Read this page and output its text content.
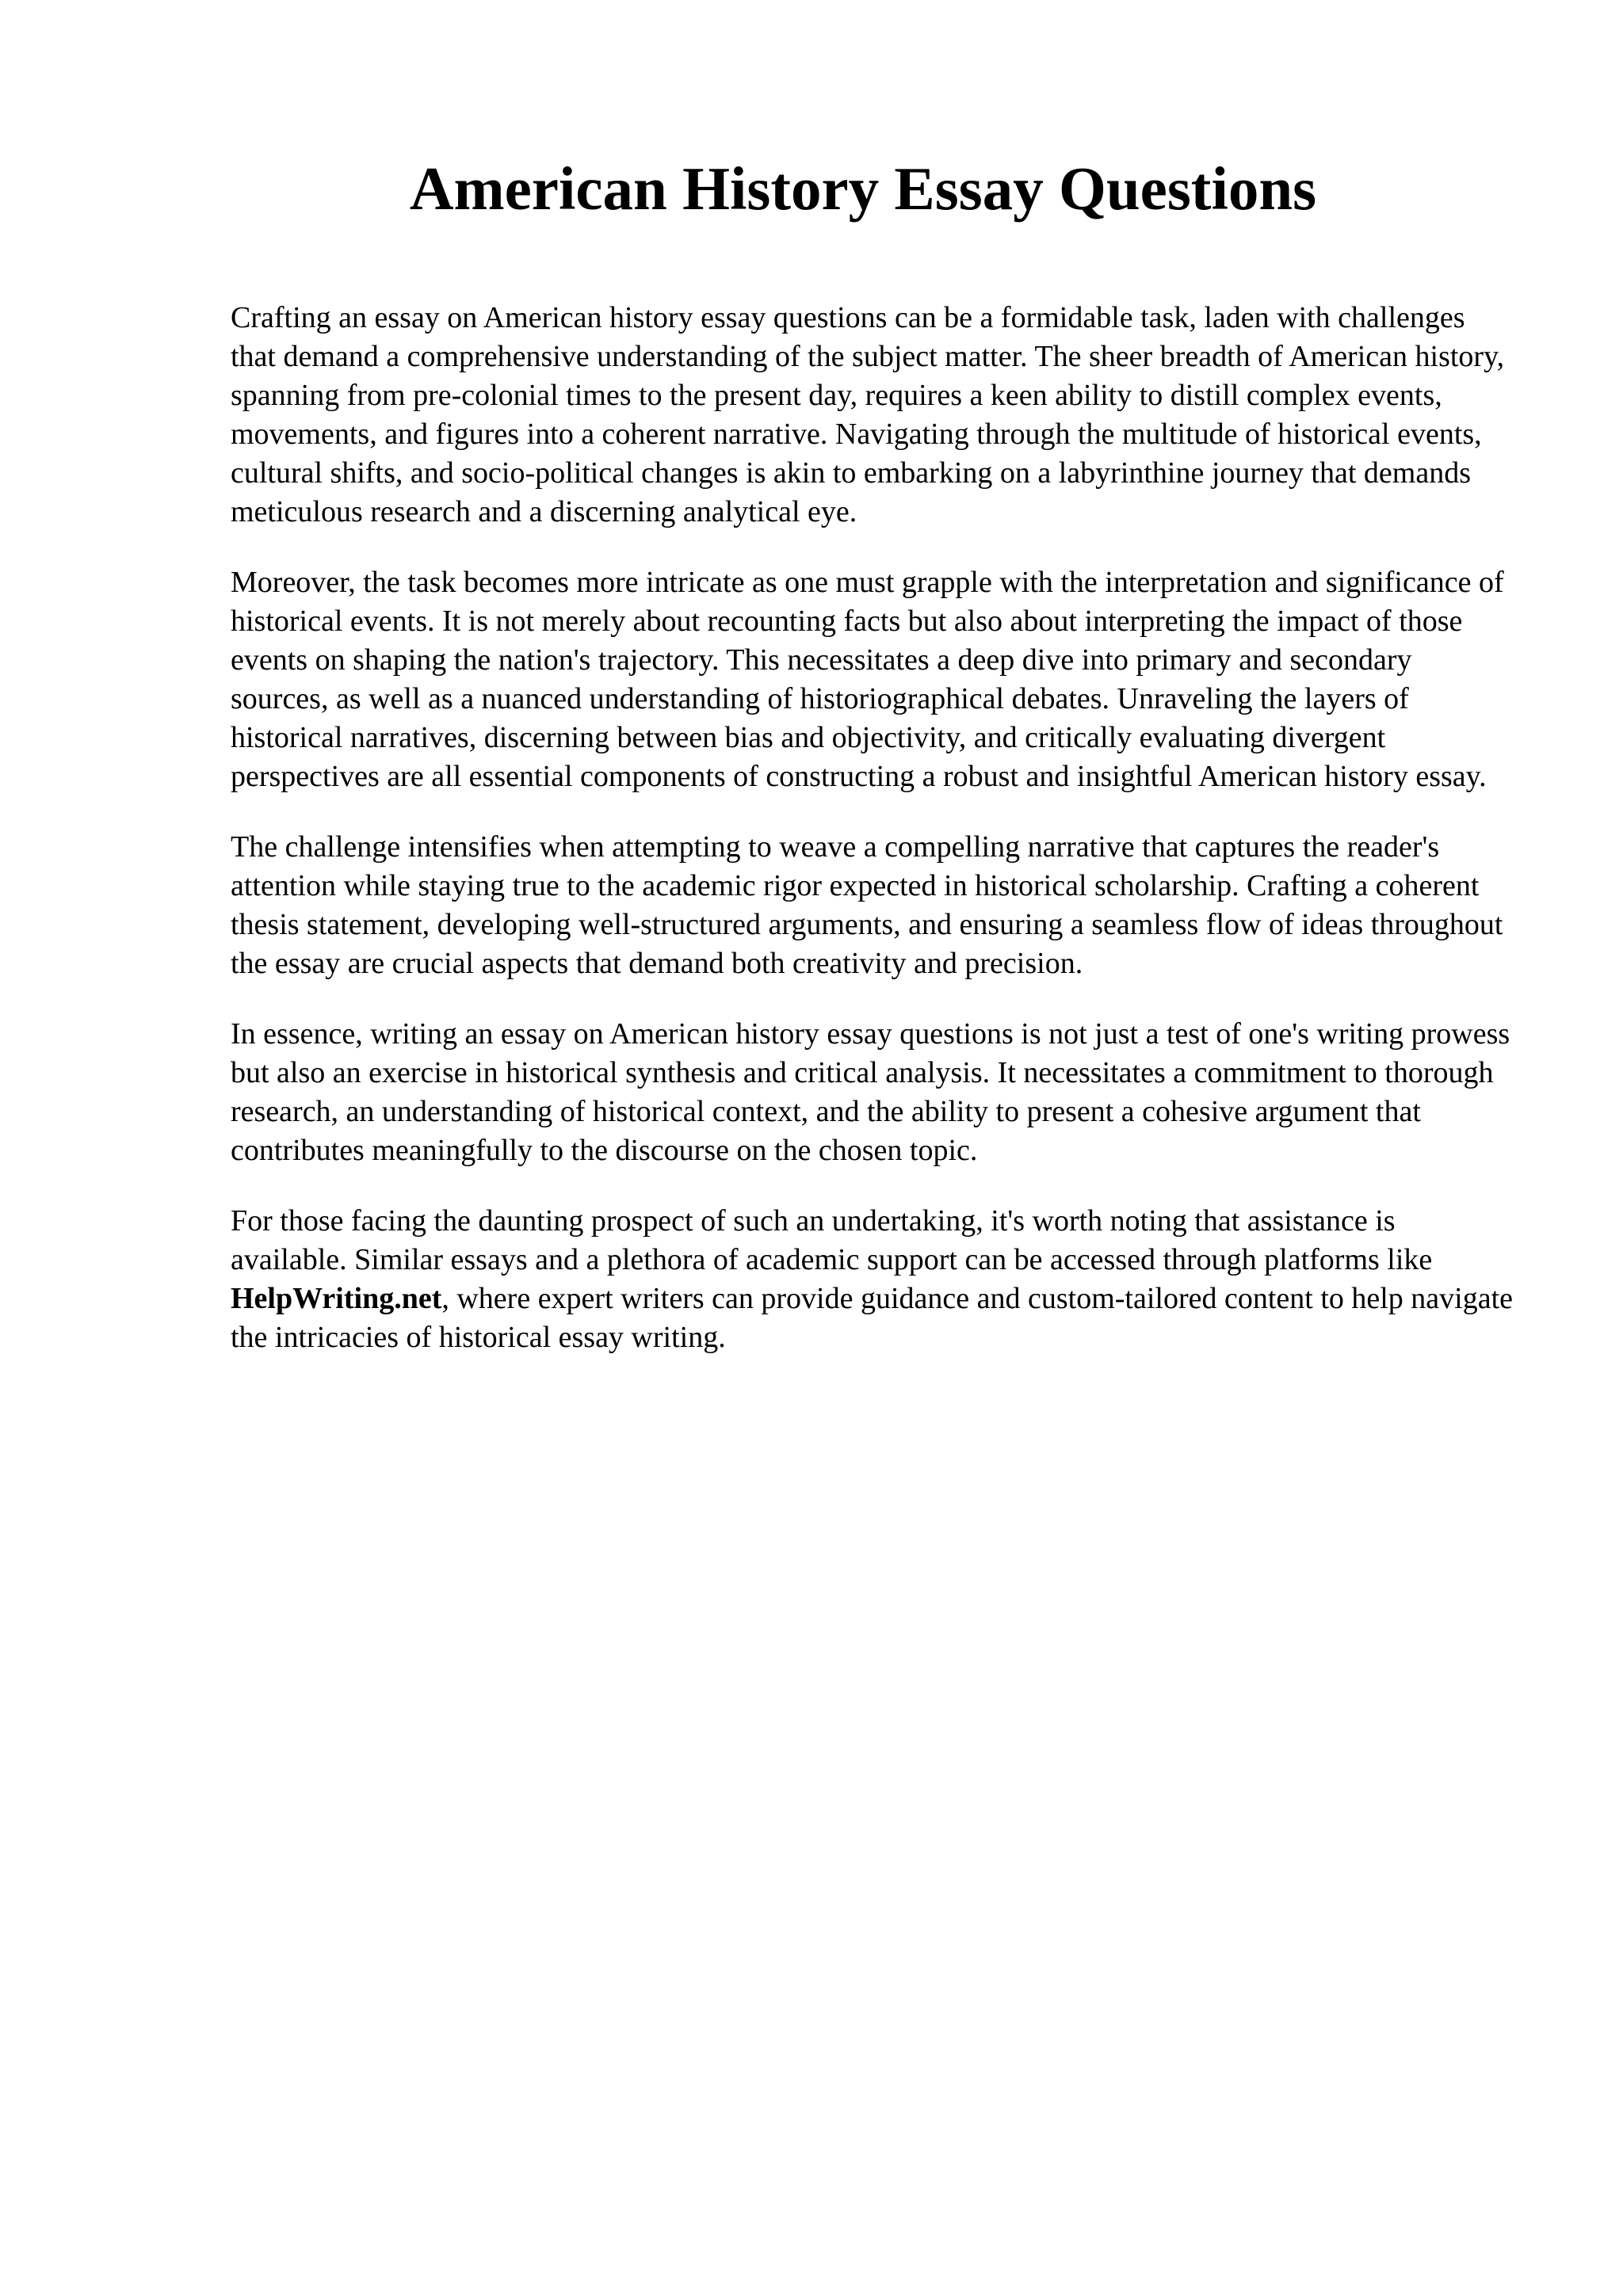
American History Essay Questions

Crafting an essay on American history essay questions can be a formidable task, laden with challenges that demand a comprehensive understanding of the subject matter. The sheer breadth of American history, spanning from pre-colonial times to the present day, requires a keen ability to distill complex events, movements, and figures into a coherent narrative. Navigating through the multitude of historical events, cultural shifts, and socio-political changes is akin to embarking on a labyrinthine journey that demands meticulous research and a discerning analytical eye.

Moreover, the task becomes more intricate as one must grapple with the interpretation and significance of historical events. It is not merely about recounting facts but also about interpreting the impact of those events on shaping the nation's trajectory. This necessitates a deep dive into primary and secondary sources, as well as a nuanced understanding of historiographical debates. Unraveling the layers of historical narratives, discerning between bias and objectivity, and critically evaluating divergent perspectives are all essential components of constructing a robust and insightful American history essay.

The challenge intensifies when attempting to weave a compelling narrative that captures the reader's attention while staying true to the academic rigor expected in historical scholarship. Crafting a coherent thesis statement, developing well-structured arguments, and ensuring a seamless flow of ideas throughout the essay are crucial aspects that demand both creativity and precision.

In essence, writing an essay on American history essay questions is not just a test of one's writing prowess but also an exercise in historical synthesis and critical analysis. It necessitates a commitment to thorough research, an understanding of historical context, and the ability to present a cohesive argument that contributes meaningfully to the discourse on the chosen topic.

For those facing the daunting prospect of such an undertaking, it's worth noting that assistance is available. Similar essays and a plethora of academic support can be accessed through platforms like HelpWriting.net, where expert writers can provide guidance and custom-tailored content to help navigate the intricacies of historical essay writing.
